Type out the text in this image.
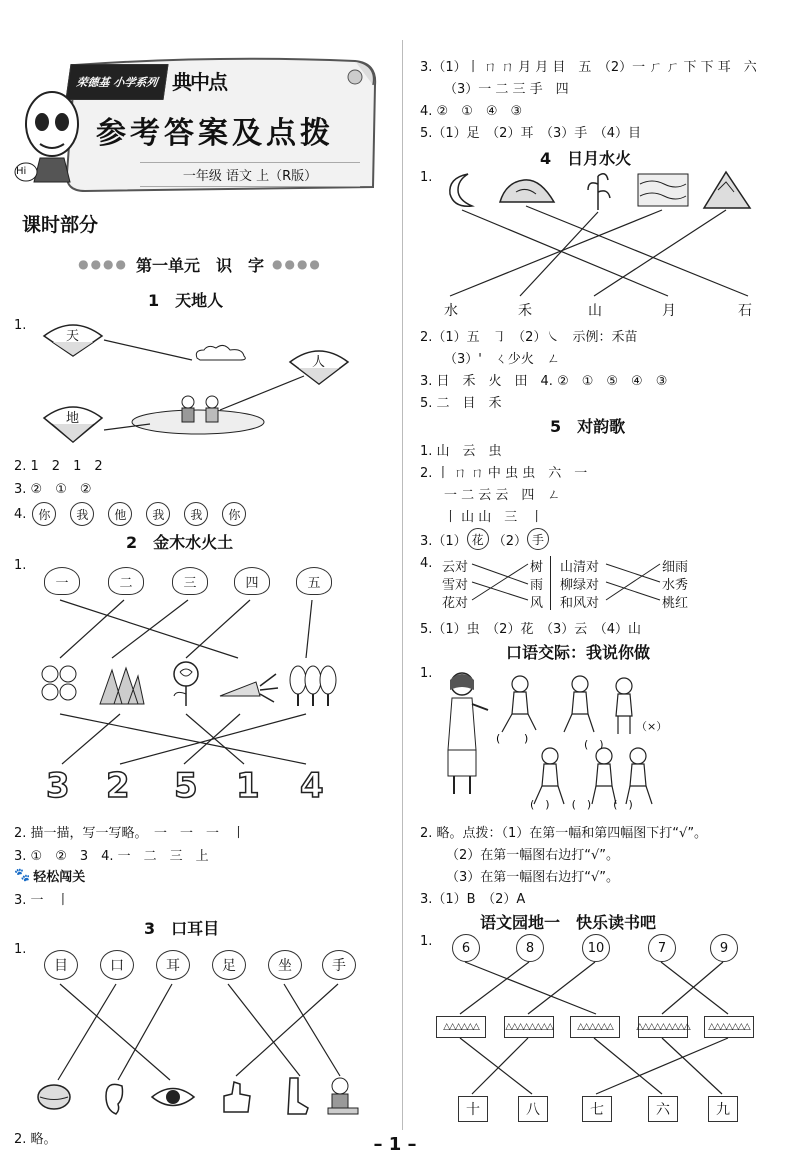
荣德基 小学系列 典中点
参考答案及点拨
一年级 语文 上（R版）
Hi
课时部分
●●●● 第一单元　识　字 ●●●●
1　天地人
1.
天
人
地
2. 1　2　1　2
3. ②　①　②
4. 你	我	他	我	我	你
2　金木水火土
1.
一	二	三	四	五
3 2 5 1 4
2. 描一描，写一写略。　一　一　一　丨
3. ①　②　3　4. 一　二　三　上
🐾 轻松闯关
3. 一　丨
3　口耳目
1.
目	口	耳	足	坐	手
2. 略。
3.（1）丨 ㄇ ㄇ 月 月 目　五　（2）一 ㄏ ㄏ 下 下 耳　六
（3）一 二 三 手　四
4. ②　①　④　③
5.（1）足　（2）耳　（3）手　（4）目
4　日月水火
1.
水	禾	山	月	石
2.（1）五　㇆　（2）㇏　示例：禾苗
（3）'　ㄑ少火　ㄥ
3. 日　禾　火　田　4. ②　①　⑤　④　③
5. 二　目　禾
5　对韵歌
1. 山　云　虫
2. 丨 ㄇ ㄇ 中 虫 虫　六　一
一 二 云 云　四　ㄥ
丨 山 山　三　丨
3.（1） 花 （2） 手
4. 云对
雪对
花对
树
雨
风
山清对
柳绿对
和风对
细雨
水秀
桃红
5.（1）虫　（2）花　（3）云　（4）山
口语交际：我说你做
1.
( )
（×）
(　)
(　)　　(　)　　(　)
2. 略。点拨：（1）在第一幅和第四幅图下打“√”。
（2）在第一幅图右边打“√”。
（3）在第一幅图右边打“√”。
3.（1）B　（2）A
语文园地一　快乐读书吧
1.	6	8	10	7	9
△△△△△△	△△△△△△△△	△△△△△△	△△△△△△△△△	△△△△△△△
十	八	七	六	九
– 1 –
